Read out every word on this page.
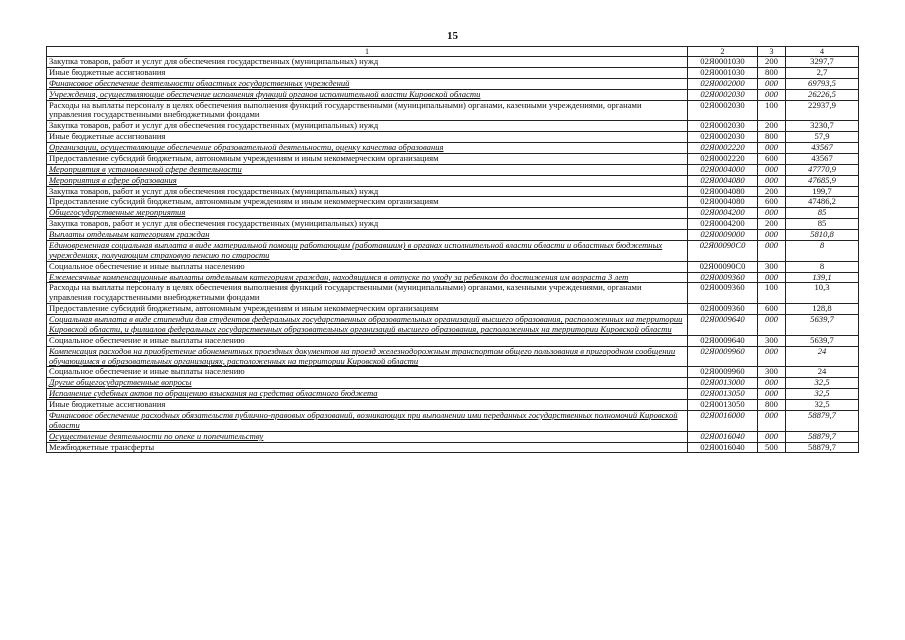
15
1	2	3	4
Закупка товаров, работ и услуг для обеспечения государственных (муниципальных) нужд	02Я0001030	200	3297,7
Иные бюджетные ассигнования	02Я0001030	800	2,7
Финансовое обеспечение деятельности областных государственных учреждений	02Я0002000	000	69793,5
Учреждения, осуществляющие обеспечение исполнения функций органов исполнительной власти Кировской области	02Я0002030	000	26226,5
Расходы на выплаты персоналу в целях обеспечения выполнения функций государственными (муниципальными) органами, казенными учреждениями, органами управления государственными внебюджетными фондами	02Я0002030	100	22937,9
Закупка товаров, работ и услуг для обеспечения государственных (муниципальных) нужд	02Я0002030	200	3230,7
Иные бюджетные ассигнования	02Я0002030	800	57,9
Организации, осуществляющие обеспечение образовательной деятельности, оценку качества образования	02Я0002220	000	43567
Предоставление субсидий бюджетным, автономным учреждениям и иным некоммерческим организациям	02Я0002220	600	43567
Мероприятия в установленной сфере деятельности	02Я0004000	000	47770,9
Мероприятия в сфере образования	02Я0004080	000	47685,9
Закупка товаров, работ и услуг для обеспечения государственных (муниципальных) нужд	02Я0004080	200	199,7
Предоставление субсидий бюджетным, автономным учреждениям и иным некоммерческим организациям	02Я0004080	600	47486,2
Общегосударственные мероприятия	02Я0004200	000	85
Закупка товаров, работ и услуг для обеспечения государственных (муниципальных) нужд	02Я0004200	200	85
Выплаты отдельным категориям граждан	02Я0009000	000	5810,8
Единовременная социальная выплата в виде материальной помощи работающим (работавшим) в органах исполнительной власти области и областных бюджетных учреждениях, получающим страховую пенсию по старости	02Я00090С0	000	8
Социальное обеспечение и иные выплаты населению	02Я00090С0	300	8
Ежемесячные компенсационные выплаты отдельным категориям граждан, находящимся в отпуске по уходу за ребенком до достижения им возраста 3 лет	02Я0009360	000	139,1
Расходы на выплаты персоналу в целях обеспечения выполнения функций государственными (муниципальными) органами, казенными учреждениями, органами управления государственными внебюджетными фондами	02Я0009360	100	10,3
Предоставление субсидий бюджетным, автономным учреждениям и иным некоммерческим организациям	02Я0009360	600	128,8
Социальная выплата в виде стипендии для студентов федеральных государственных образовательных организаций высшего образования, расположенных на территории Кировской области, и филиалов федеральных государственных образовательных организаций высшего образования, расположенных на территории Кировской области	02Я0009640	000	5639,7
Социальное обеспечение и иные выплаты населению	02Я0009640	300	5639,7
Компенсация расходов на приобретение абонементных проездных документов на проезд железнодорожным транспортом общего пользования в пригородном сообщении обучающимся в образовательных организациях, расположенных на территории Кировской области	02Я0009960	000	24
Социальное обеспечение и иные выплаты населению	02Я0009960	300	24
Другие общегосударственные вопросы	02Я0013000	000	32,5
Исполнение судебных актов по обращению взыскания на средства областного бюджета	02Я0013050	000	32,5
Иные бюджетные ассигнования	02Я0013050	800	32,5
Финансовое обеспечение расходных обязательств публично-правовых образований, возникающих при выполнении ими переданных государственных полномочий Кировской области	02Я0016000	000	58879,7
Осуществление деятельности по опеке и попечительству	02Я0016040	000	58879,7
Межбюджетные трансферты	02Я0016040	500	58879,7
